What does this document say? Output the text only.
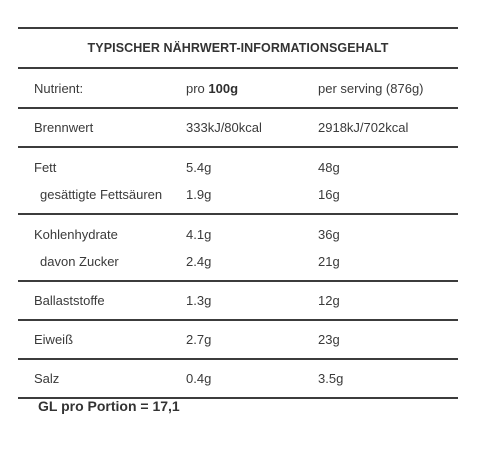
TYPISCHER NÄHRWERT-INFORMATIONSGEHALT
Nutrient:	pro 100g	per serving (876g)
Brennwert	333kJ/80kcal	2918kJ/702kcal
Fett	5.4g	48g
gesättigte Fettsäuren	1.9g	16g
Kohlenhydrate	4.1g	36g
davon Zucker	2.4g	21g
Ballaststoffe	1.3g	12g
Eiweiß	2.7g	23g
Salz	0.4g	3.5g
GL pro Portion = 17,1
